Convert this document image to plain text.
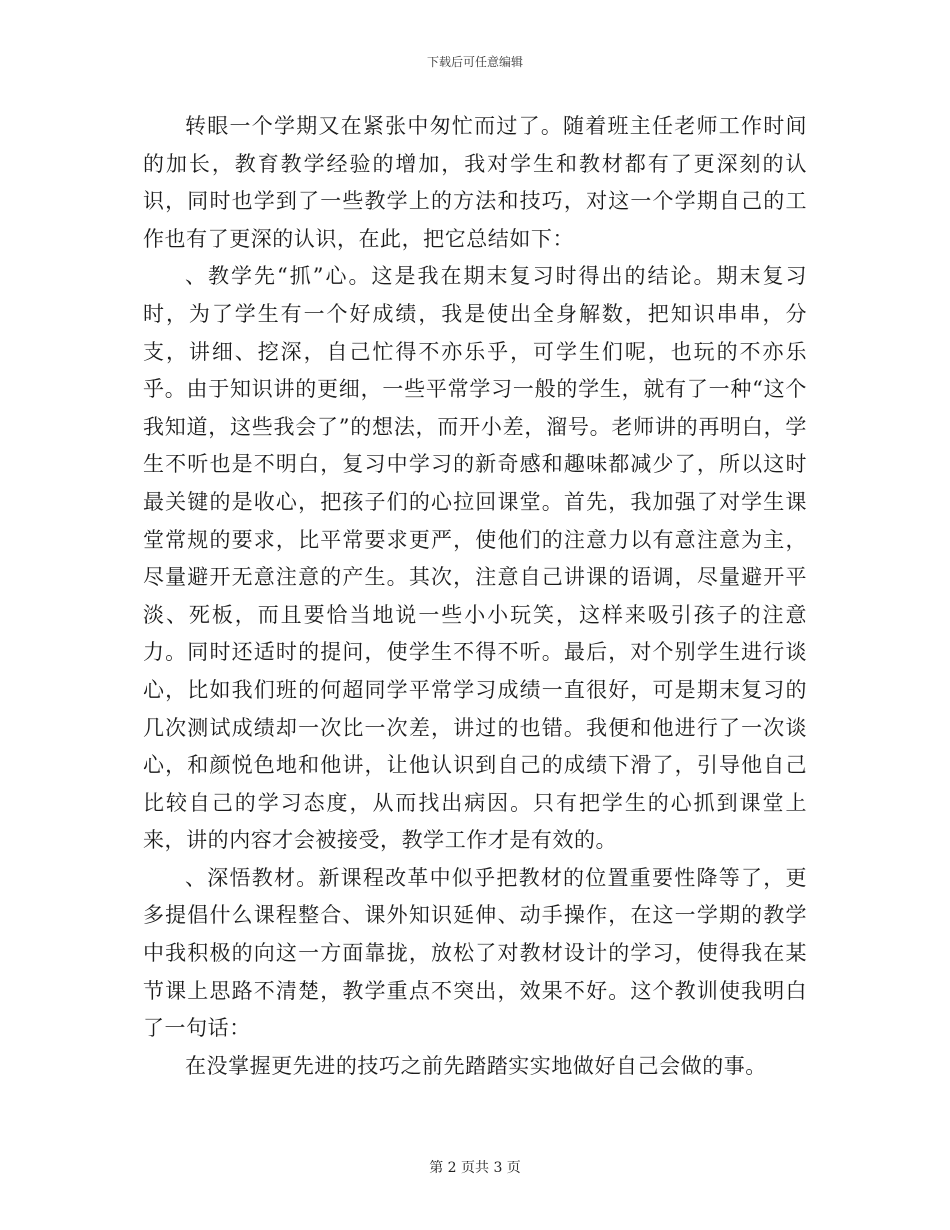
下载后可任意编辑

转眼一个学期又在紧张中匆忙而过了。随着班主任老师工作时间的加长，教育教学经验的增加，我对学生和教材都有了更深刻的认识，同时也学到了一些教学上的方法和技巧，对这一个学期自己的工作也有了更深的认识，在此，把它总结如下：

、教学先“抓”心。这是我在期末复习时得出的结论。期末复习时，为了学生有一个好成绩，我是使出全身解数，把知识串串，分支，讲细、挖深，自己忙得不亦乐乎，可学生们呢，也玩的不亦乐乎。由于知识讲的更细，一些平常学习一般的学生，就有了一种“这个我知道，这些我会了”的想法，而开小差，溜号。老师讲的再明白，学生不听也是不明白，复习中学习的新奇感和趣味都减少了，所以这时最关键的是收心，把孩子们的心拉回课堂。首先，我加强了对学生课堂常规的要求，比平常要求更严，使他们的注意力以有意注意为主，尽量避开无意注意的产生。其次，注意自己讲课的语调，尽量避开平淡、死板，而且要恰当地说一些小小玩笑，这样来吸引孩子的注意力。同时还适时的提问，使学生不得不听。最后，对个别学生进行谈心，比如我们班的何超同学平常学习成绩一直很好，可是期末复习的几次测试成绩却一次比一次差，讲过的也错。我便和他进行了一次谈心，和颜悦色地和他讲，让他认识到自己的成绩下滑了，引导他自己比较自己的学习态度，从而找出病因。只有把学生的心抓到课堂上来，讲的内容才会被接受，教学工作才是有效的。

、深悟教材。新课程改革中似乎把教材的位置重要性降等了，更多提倡什么课程整合、课外知识延伸、动手操作，在这一学期的教学中我积极的向这一方面靠拢，放松了对教材设计的学习，使得我在某节课上思路不清楚，教学重点不突出，效果不好。这个教训使我明白了一句话：

在没掌握更先进的技巧之前先踏踏实实地做好自己会做的事。

第 2 页共 3 页
